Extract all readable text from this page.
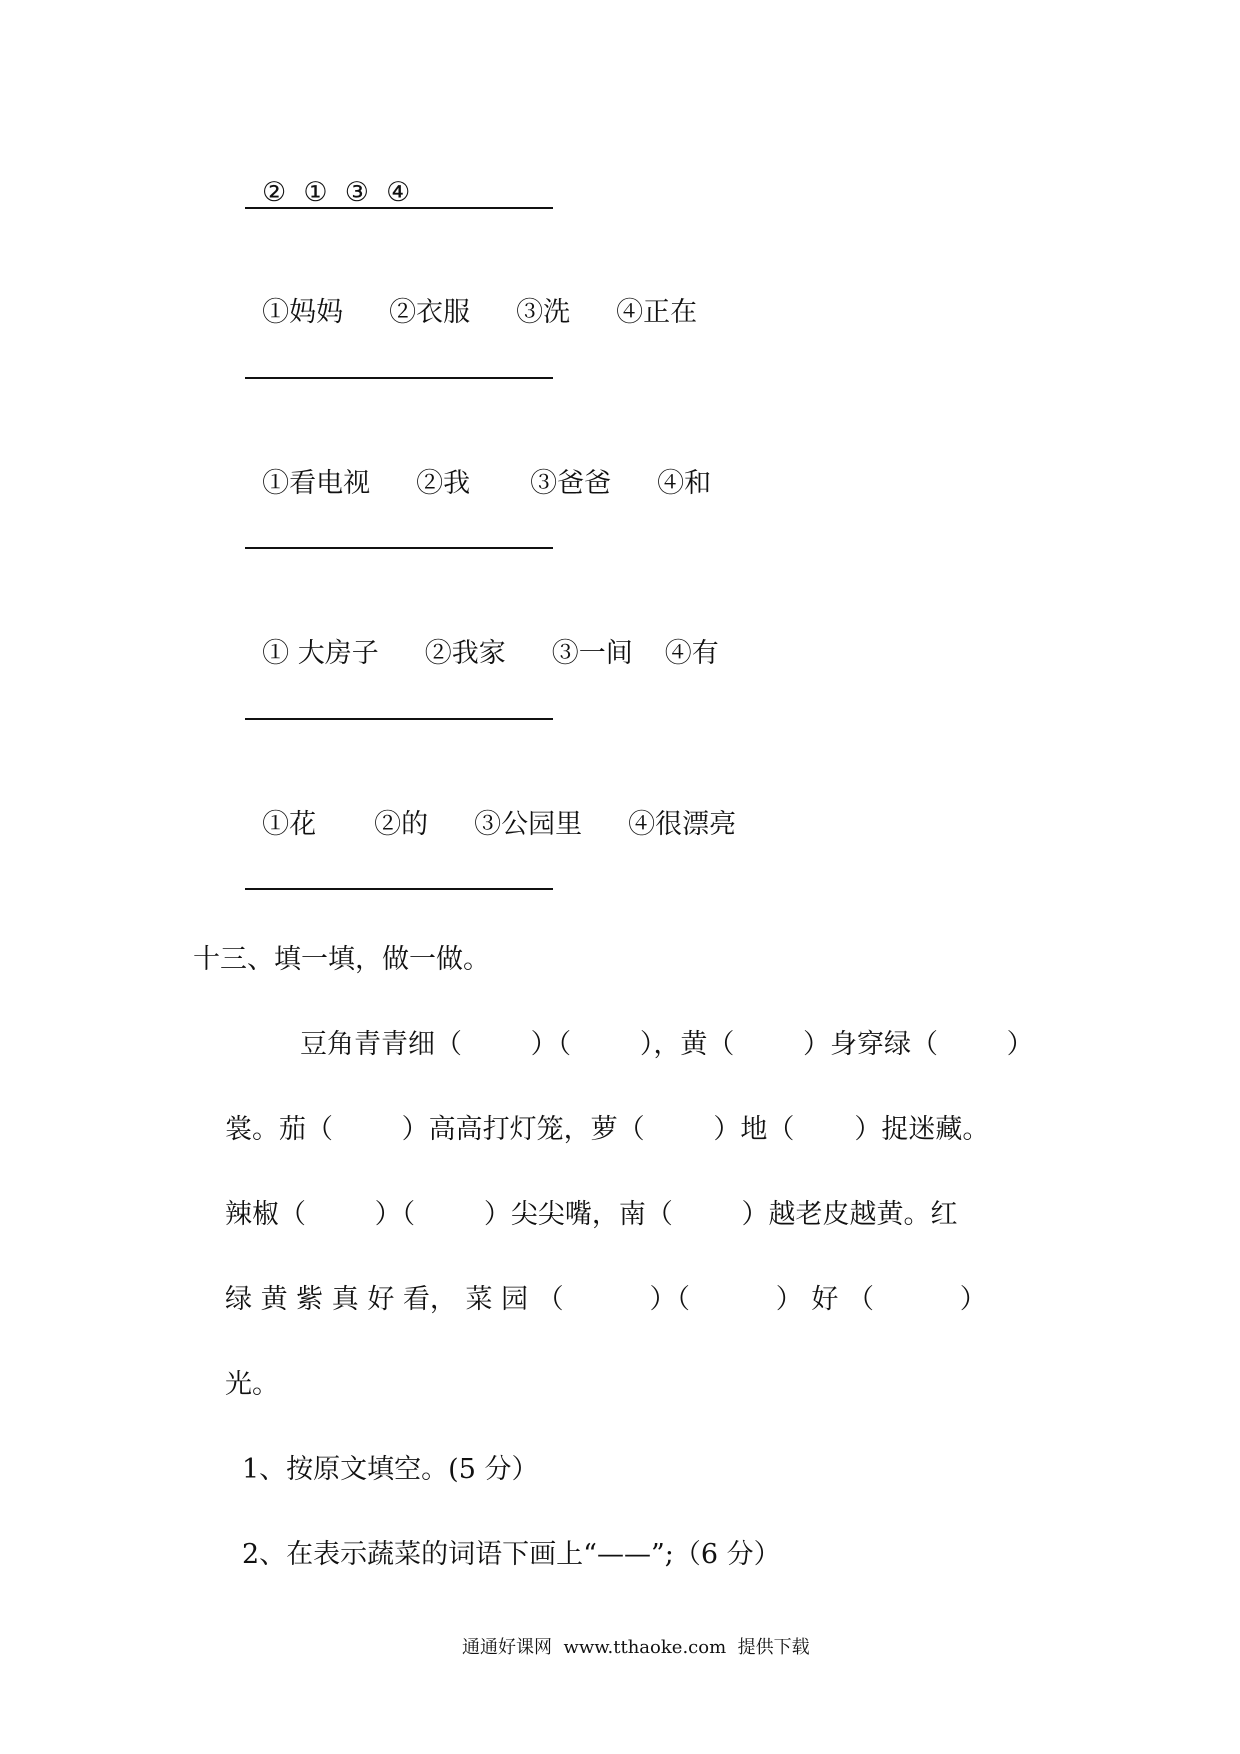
②  ①  ③  ④

①妈妈 ②衣服 ③洗 ④正在

①看电视 ②我 ③爸爸 ④和

① 大房子 ②我家 ③一间 ④有

①花 ②的 ③公园里 ④很漂亮

十三、填一填，做一做。
豆角青青细（        ）（        ），黄（        ）身穿绿（        ）
裳。茄（        ）高高打灯笼，萝（        ）地（       ）捉迷藏。
辣椒（        ）（        ）尖尖嘴，南（        ）越老皮越黄。红
绿 黄 紫 真 好 看， 菜 园 （          ）（          ） 好 （          ）
光。
1、按原文填空。(5 分）
2、在表示蔬菜的词语下画上“——”;（6 分）
通通好课网  www.tthaoke.com  提供下载
